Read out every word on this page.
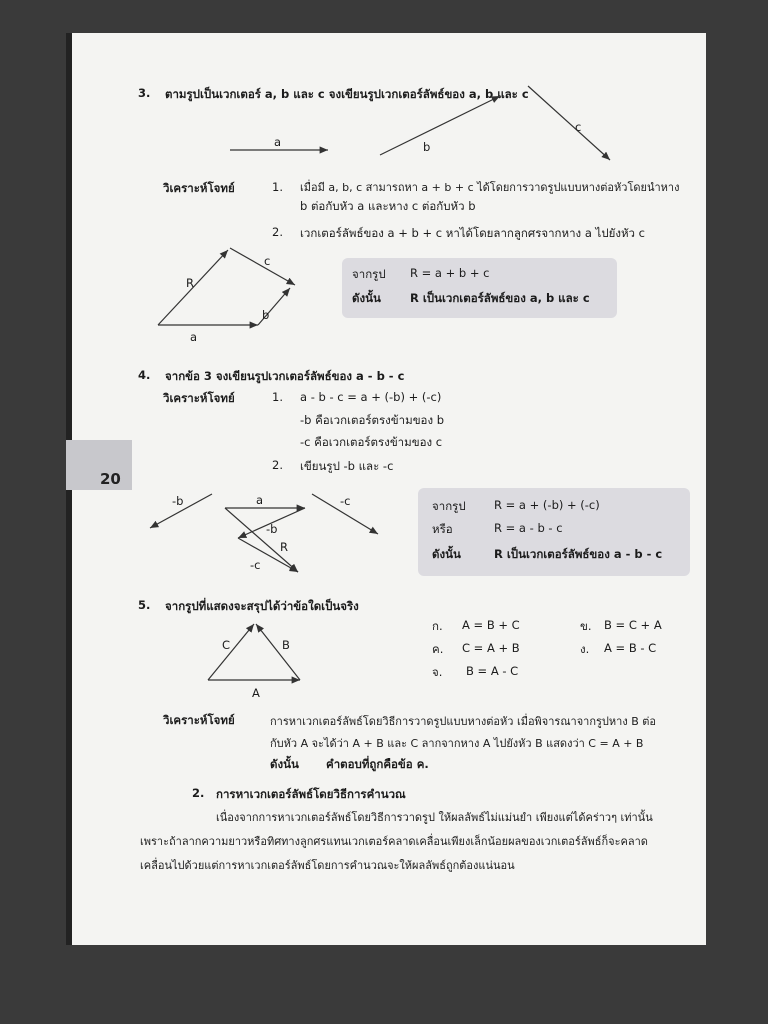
20
3. ตามรูปเป็นเวกเตอร์ a, b และ c จงเขียนรูปเวกเตอร์ลัพธ์ของ a, b และ c
a	b
c
วิเคราะห์โจทย์	1. เมื่อมี a, b, c สามารถหา a + b + c ได้โดยการวาดรูปแบบหางต่อหัวโดยนำหาง
b ต่อกับหัว a และหาง c ต่อกับหัว b
2. เวกเตอร์ลัพธ์ของ a + b + c หาได้โดยลากลูกศรจากหาง a ไปยังหัว c
R
a
b
c
จากรูป R = a + b + c
ดังนั้น	R เป็นเวกเตอร์ลัพธ์ของ a, b และ c
4. จากข้อ 3 จงเขียนรูปเวกเตอร์ลัพธ์ของ a - b - c
วิเคราะห์โจทย์	1. a - b - c = a + (-b) + (-c)
-b คือเวกเตอร์ตรงข้ามของ b
-c คือเวกเตอร์ตรงข้ามของ c
2. เขียนรูป -b และ -c
-b	a
-b
R
-c
-c	จากรูป R = a + (-b) + (-c)
หรือ	R = a - b - c
ดังนั้น	R เป็นเวกเตอร์ลัพธ์ของ a - b - c
5. จากรูปที่แสดงจะสรุปได้ว่าข้อใดเป็นจริง
C	B
A
ก. A = B + C	ข. B = C + A
ค. C = A + B	ง. A = B - C
จ. B = A - C
วิเคราะห์โจทย์	การหาเวกเตอร์ลัพธ์โดยวิธีการวาดรูปแบบหางต่อหัว เมื่อพิจารณาจากรูปหาง B ต่อ
กับหัว A จะได้ว่า A + B และ C ลากจากหาง A ไปยังหัว B แสดงว่า C = A + B
ดังนั้น คำตอบที่ถูกคือข้อ ค.
2. การหาเวกเตอร์ลัพธ์โดยวิธีการคำนวณ
เนื่องจากการหาเวกเตอร์ลัพธ์โดยวิธีการวาดรูป ให้ผลลัพธ์ไม่แม่นยำ เพียงแต่ได้คร่าวๆ เท่านั้น
เพราะถ้าลากความยาวหรือทิศทางลูกศรแทนเวกเตอร์คลาดเคลื่อนเพียงเล็กน้อยผลของเวกเตอร์ลัพธ์ก็จะคลาด
เคลื่อนไปด้วยแต่การหาเวกเตอร์ลัพธ์โดยการคำนวณจะให้ผลลัพธ์ถูกต้องแน่นอน
